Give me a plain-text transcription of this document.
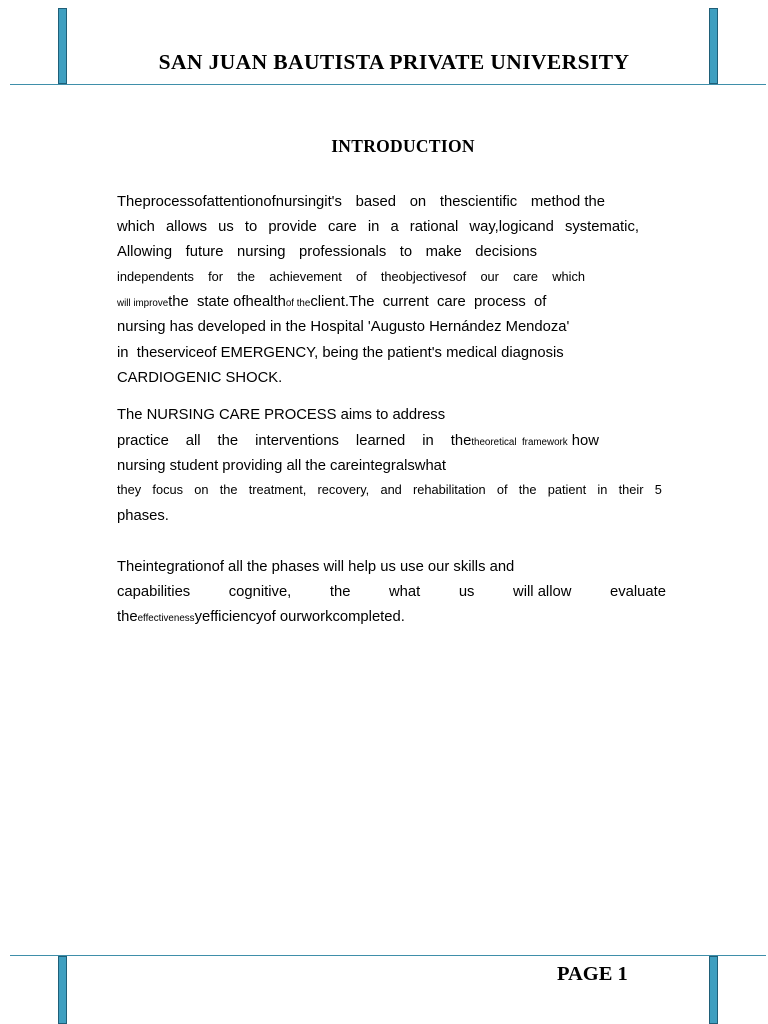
SAN JUAN BAUTISTA PRIVATE UNIVERSITY
INTRODUCTION
Theprocessofattentionofnursingit's based on thescientific method the
which allows us to provide care in a rational way,logicand systematic,
Allowing future nursing professionals to make decisions
independents for the achievement of theobjectivesof our care which
will improvethe  state ofhealthof theclient.The  current  care  process  of
nursing has developed in the Hospital 'Augusto Hernández Mendoza'
in  theserviceof EMERGENCY, being the patient's medical diagnosis
CARDIOGENIC SHOCK.
The NURSING CARE PROCESS aims to address
practice all the interventions learned in thetheoretical  framework how
nursing student providing all the careintegralswhat
they focus on the treatment, recovery, and rehabilitation of the patient in their 5
phases.
Theintegrationof all the phases will help us use our skills and
capabilities	cognitive,	the	what	us	will allow	evaluate
theeffectivenessyefficiencyof ourworkcompleted.
PAGE 1
